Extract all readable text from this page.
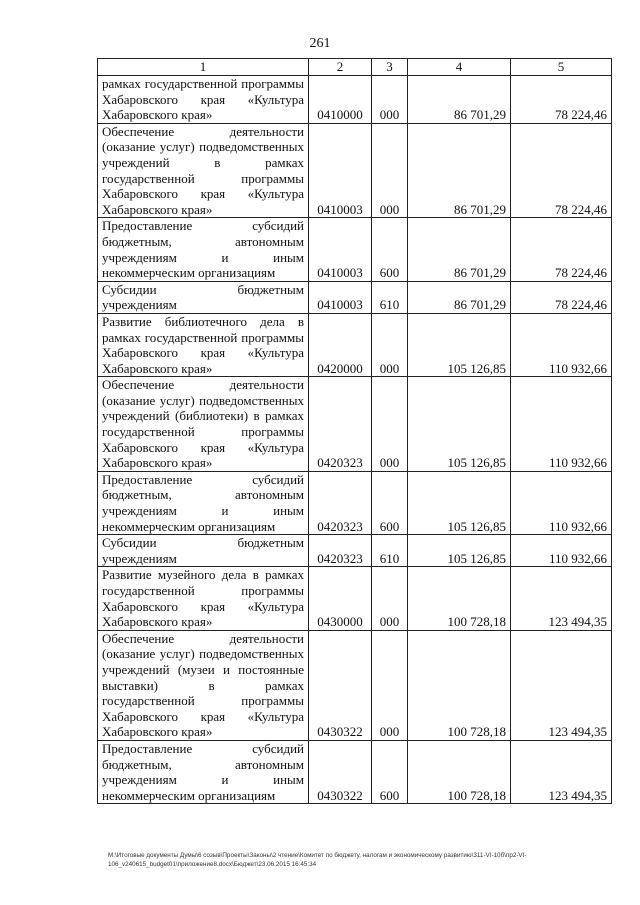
261
1	2	3	4	5
рамках государственной программы Хабаровского края «Культура Хабаровского края»	0410000	000	86 701,29	78 224,46
Обеспечение деятельности (оказание услуг) подведомственных учреждений в рамках государственной программы Хабаровского края «Культура Хабаровского края»	0410003	000	86 701,29	78 224,46
Предоставление субсидий бюджетным, автономным учреждениям и иным некоммерческим организациям	0410003	600	86 701,29	78 224,46
Субсидии бюджетным учреждениям	0410003	610	86 701,29	78 224,46
Развитие библиотечного дела в рамках государственной программы Хабаровского края «Культура Хабаровского края»	0420000	000	105 126,85	110 932,66
Обеспечение деятельности (оказание услуг) подведомственных учреждений (библиотеки) в рамках государственной программы Хабаровского края «Культура Хабаровского края»	0420323	000	105 126,85	110 932,66
Предоставление субсидий бюджетным, автономным учреждениям и иным некоммерческим организациям	0420323	600	105 126,85	110 932,66
Субсидии бюджетным учреждениям	0420323	610	105 126,85	110 932,66
Развитие музейного дела в рамках государственной программы Хабаровского края «Культура Хабаровского края»	0430000	000	100 728,18	123 494,35
Обеспечение деятельности (оказание услуг) подведомственных учреждений (музеи и постоянные выставки) в рамках государственной программы Хабаровского края «Культура Хабаровского края»	0430322	000	100 728,18	123 494,35
Предоставление субсидий бюджетным, автономным учреждениям и иным некоммерческим организациям	0430322	600	100 728,18	123 494,35
M:\Итоговые документы Думы\6 созыв\Проекты\Законы\2 чтение\Комитет по бюджету, налогам и экономическому развитию\311-VI-10б\пр2-VI-
106_v240615_budget01\приложение8.docx\Бюджет\23.06.2015 16:45:34
